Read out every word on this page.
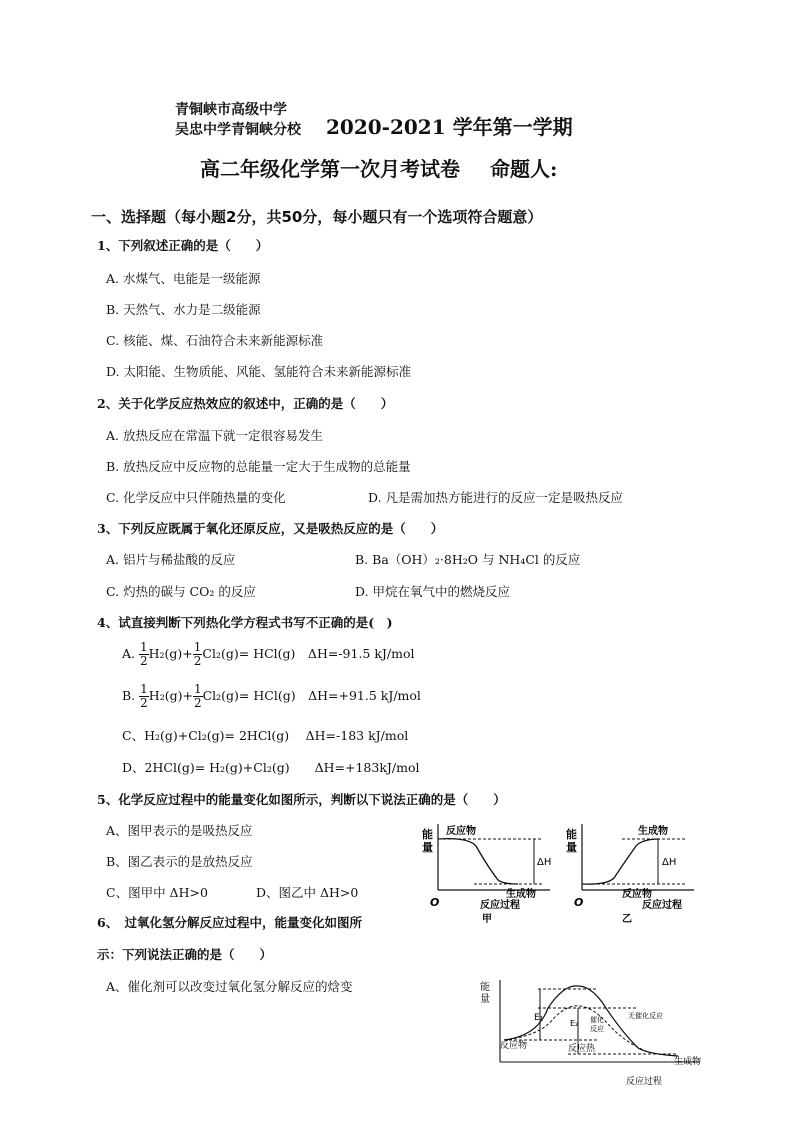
青铜峡市高级中学
吴忠中学青铜峡分校 2020-2021 学年第一学期
高二年级化学第一次月考试卷 命题人:
一、选择题（每小题2分，共50分，每小题只有一个选项符合题意）
1、下列叙述正确的是（　　）
A. 水煤气、电能是一级能源
B. 天然气、水力是二级能源
C. 核能、煤、石油符合未来新能源标准
D. 太阳能、生物质能、风能、氢能符合未来新能源标准
2、关于化学反应热效应的叙述中，正确的是（　　）
A. 放热反应在常温下就一定很容易发生
B. 放热反应中反应物的总能量一定大于生成物的总能量
C. 化学反应中只伴随热量的变化	D. 凡是需加热方能进行的反应一定是吸热反应
3、下列反应既属于氧化还原反应，又是吸热反应的是（　　）
A. 铝片与稀盐酸的反应	B. Ba（OH）₂·8H₂O 与 NH₄Cl 的反应
C. 灼热的碳与 CO₂ 的反应	D. 甲烷在氧气中的燃烧反应
4、试直接判断下列热化学方程式书写不正确的是(　)
A. $\frac{1}{2} H_2(g)+ \frac{1}{2} Cl_2(g)= HCl(g)$　ΔH=-91.5 kJ/mol
B. $\frac{1}{2} H_2(g)+ \frac{1}{2} Cl_2(g)= HCl(g)$　ΔH=+91.5 kJ/mol
C、H₂(g)+Cl₂(g)= 2HCl(g)　 ΔH=-183 kJ/mol
D、2HCl(g)= H₂(g)+Cl₂(g)　　ΔH=+183kJ/mol
5、化学反应过程中的能量变化如图所示，判断以下说法正确的是（　　）
A、图甲表示的是吸热反应
B、图乙表示的是放热反应
C、图甲中 ΔH>0	D、图乙中 ΔH>0
能
量
反应物
生成物
ΔH
O	反应过程
甲
能
量
生成物
反应物
ΔH
O	反应过程
乙
6、　过氧化氢分解反应过程中，能量变化如图所
示：下列说法正确的是（　　）
A、催化剂可以改变过氧化氢分解反应的焓变	能
量
E₁
E₂ 催化
反应
无催化反应
反应物	反应热
生成物
反应过程
